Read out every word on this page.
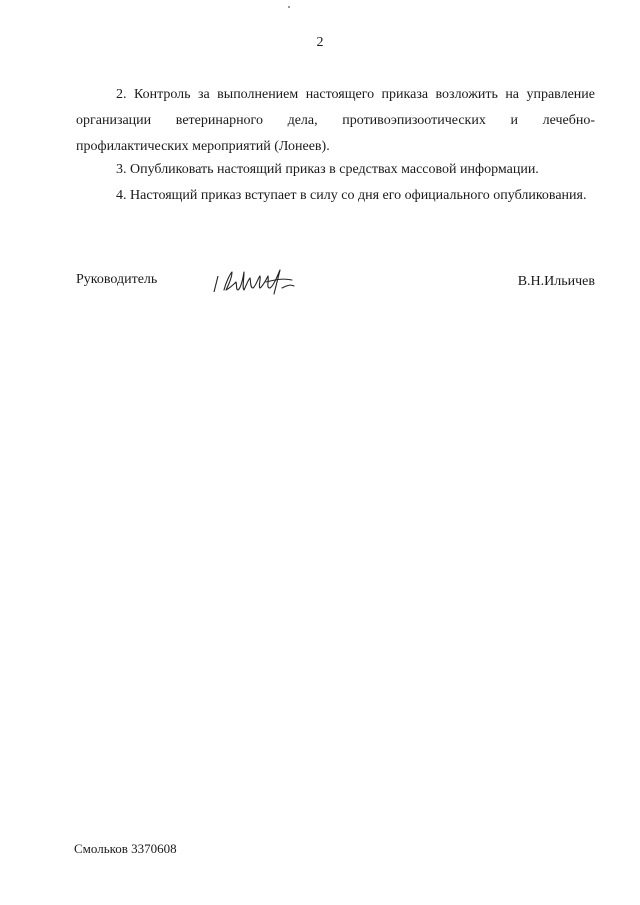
2

2. Контроль за выполнением настоящего приказа возложить на управление организации ветеринарного дела, противоэпизоотических и лечебно-профилактических мероприятий (Лонеев).

3. Опубликовать настоящий приказ в средствах массовой информации.

4. Настоящий приказ вступает в силу со дня его официального опубликования.

Руководитель	В.Н.Ильичев
Смольков 3370608
